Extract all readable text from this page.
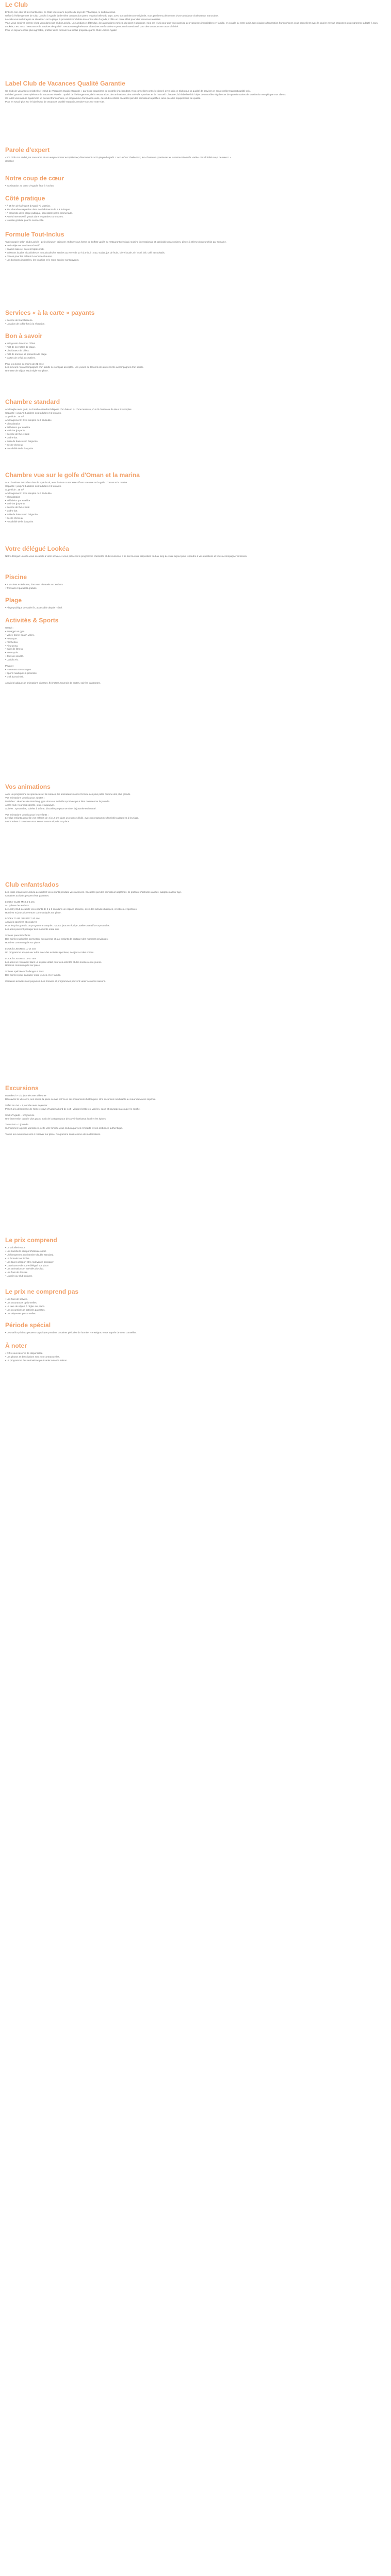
Le Club
Entre la mer azur et les monts Atlas, ce Club vous ouvre la porte du pays de l'Atlantique, le sud marocain.
Grâce à l'hébergement de Club Lookéa à Agadir, la dernière construction parmi les plus belles du pays, avec son architecture originale, vous profiterez pleinement d'une ambiance chaleureuse marocaine.
Le club vous séduira par sa situation : sur la plage, à proximité immédiate du centre-ville d'Agadir, il offre un cadre idéal pour des vacances réussies.
Vous vous sentirez comme chez vous dans nos Clubs Lookéa. Une ambiance détendue, des animations variées, du sport et du repos : tout est réuni pour que vous passiez des vacances inoubliables en famille, en couple ou entre amis. Nos équipes d'animation francophones vous accueillent avec le sourire et vous proposent un programme adapté à tous.
Lookéa, c'est aussi l'assurance de services de qualité : restauration généreuse, chambres confortables et personnel attentionné pour des vacances en toute sérénité.
Pour un séjour encore plus agréable, profitez de la formule tout inclus proposée par le Club Lookéa Agadir.
Label Club de Vacances Qualité Garantie
Ce Club de vacances est labellisé « Club de Vacances Qualité Garantie » par notre organisme de contrôle indépendant. Nos conseillers ont sélectionné avec soin ce Club pour sa qualité de services et son excellent rapport qualité-prix.
Le label garantit une expérience de vacances réussie : qualité de l'hébergement, de la restauration, des animations, des activités sportives et de l'accueil. Chaque Club labellisé fait l'objet de contrôles réguliers et de questionnaires de satisfaction remplis par nos clients.
Ce label vous assure également un accueil francophone, un programme d'animation varié, des clubs enfants encadrés par des animateurs qualifiés, ainsi que des équipements de qualité.
Pour en savoir plus sur le label Club de Vacances Qualité Garantie, rendez-vous sur notre site.
Parole d'expert
« Ce Club m'a séduit par son cadre et son emplacement exceptionnel, directement sur la plage d'Agadir. L'accueil est chaleureux, les chambres spacieuses et la restauration très variée. Un véritable coup de cœur ! »
Caroline
Notre coup de cœur
• Sa situation au cœur d'Agadir, face à l'océan.
Côté pratique
• À 25 km de l'aéroport d'Agadir Al Massira.
• 254 chambres réparties dans des bâtiments de 1 à 3 étages.
• À proximité de la plage publique, accessible par la promenade.
• Accès internet Wifi gratuit dans les parties communes.
• Navette gratuite pour le centre-ville.
Formule Tout-Inclus
Table rangée selon Club Lookéa : petit-déjeuner, déjeuner et dîner sous forme de buffets variés au restaurant principal. Cuisine internationale et spécialités marocaines, dîners à thème plusieurs fois par semaine.
• Petit-déjeuner continental tardif.
• Snacks salés et sucrés l'après-midi.
• Boissons locales alcoolisées et non alcoolisées servies au verre de 10 h à minuit : eau, sodas, jus de fruits, bière locale, vin local, thé, café et cocktails.
• Glaces pour les enfants à certaines heures.
• Les boissons importées, les vins fins et le room service sont payants.
Services « à la carte » payants
• Service de blanchisserie.
• Location de coffre-fort à la réception.
Bon à savoir
• Wifi gratuit dans tout l'hôtel.
• Prêt de serviettes de plage.
• Distributeur de billets.
• Prêt de transats et parasols à la plage.
• Cartes de crédit acceptées.
Pour les clients de moins de 21 ans :
Les mineurs non accompagnés d'un adulte ne sont pas acceptés. Les jeunes de 18 à 21 ans doivent être accompagnés d'un adulte.
Une taxe de séjour est à régler sur place.
Chambre standard
Aménagée avec goût, la chambre standard dispose d'un balcon ou d'une terrasse, d'un lit double ou de deux lits simples.
Capacité : jusqu'à 3 adultes ou 2 adultes et 2 enfants.
Superficie : 25 m²
Aménagement : 2 lits simples ou 1 lit double
• Climatisation
• Télévision par satellite
• Mini-bar (payant)
• Service de thé et café
• Coffre-fort
• Salle de bains avec baignoire
• Sèche-cheveux
• Possibilité de lit d'appoint
Chambre vue sur le golfe d'Oman et la marina
Aux chambres décorées dans le style local, avec balcon ou terrasse offrant une vue sur le golfe d'Oman et la marina.
Capacité : jusqu'à 3 adultes ou 2 adultes et 2 enfants.
Superficie : 25 m²
Aménagement : 2 lits simples ou 1 lit double
• Climatisation
• Télévision par satellite
• Mini-bar (payant)
• Service de thé et café
• Coffre-fort
• Salle de bains avec baignoire
• Sèche-cheveux
• Possibilité de lit d'appoint
Votre délégué Lookéa
Notre délégué Lookéa vous accueille à votre arrivée et vous présente le programme d'activités et d'excursions. Il se tient à votre disposition tout au long de votre séjour pour répondre à vos questions et vous accompagner si besoin.
Piscine
• 2 piscines extérieures, dont une réservée aux enfants.
• Transats et parasols gratuits.
Plage
• Plage publique de sable fin, accessible depuis l'hôtel.
Activités & Sports
Gratuit :
• Aquagym et gym.
• Volley-ball et beach-volley.
• Pétanque.
• Fléchettes.
• Ping-pong.
• Salle de fitness.
• Water-polo.
• Jeux de société.
• Lookéa Fit.
Payant :
• Hammam et massages.
• Sports nautiques à proximité.
• Golf à proximité.
Activités ludiques et animations diverses, fléchettes, tournois de cartes, soirées dansantes.
Vos animations
Avec un programme de spectacles et de soirées, les animateurs sont à l'écoute des plus petits comme des plus grands.
Vos animations Lookéa pour adultes :
Matinées : séances de stretching, gym douce et activités sportives pour bien commencer la journée.
Après-midi : tournois sportifs, jeux et aquagym.
Soirées : spectacles, soirées à thème, discothèque pour terminer la journée en beauté.
Vos animations Lookéa pour les enfants :
Le Club enfants accueille vos enfants de 4 à 12 ans dans un espace dédié, avec un programme d'activités adaptées à leur âge.
Les horaires d'ouverture vous seront communiqués sur place.
Club enfants/ados
Les clubs enfants de Lookéa accueillent vos enfants pendant vos vacances. Encadrés par des animateurs diplômés, ils profitent d'activités variées, adaptées à leur âge.
Certaines activités peuvent être payantes.
LOOKY CLUB MINI 4-6 ans
Au rythme des enfants
Le Looky Club accueille vos enfants de 4 à 6 ans dans un espace sécurisé, avec des activités ludiques, créatives et sportives.
Horaires et jours d'ouverture communiqués sur place.
LOOKY CLUB JUNIOR 7-10 ans
Activités sportives et créatives
Pour les plus grands, un programme complet : sports, jeux en équipe, ateliers créatifs et spectacles.
Les ados peuvent partager des moments entre eux.
Soirées parents/enfants
Des soirées spéciales permettent aux parents et aux enfants de partager des moments privilégiés.
Horaires communiqués sur place.
LOOKÉA JEUNES 11-14 ans
Un programme adapté aux ados avec des activités sportives, des jeux et des sorties.
LOOKÉA JEUNES 15-17 ans
Les ados se retrouvent dans un espace dédié pour des activités et des soirées entre jeunes.
Horaires communiqués sur place.
Soirées spéciales Challenger & Jeux
Des soirées pour s'amuser entre jeunes et en famille.
Certaines activités sont payantes. Les horaires et programmes peuvent varier selon les saisons.
Excursions
Marrakech – 1/2 journée avec déjeuner
Découvrez la ville ocre, ses souks, la place Jemaa el-Fna et ses monuments historiques. Une excursion inoubliable au cœur du Maroc impérial.
Safari en 4x4 – 1 journée avec déjeuner
Partez à la découverte de l'arrière-pays d'Agadir à bord de 4x4 : villages berbères, vallées, oasis et paysages à couper le souffle.
Souk d'Agadir – 1/2 journée
Une immersion dans le plus grand souk de la région pour découvrir l'artisanat local et les épices.
Taroudant – 1 journée
Surnommée la petite Marrakech, cette ville fortifiée vous séduira par ses remparts et son ambiance authentique.
Toutes les excursions sont à réserver sur place. Programme sous réserve de modifications.
Le prix comprend
• Le vol aller/retour.
• Les transferts aéroport/hôtel/aéroport.
• L'hébergement en chambre double standard.
• La formule tout inclus.
• Les taxes aéroport et la redevance passager.
• L'assistance de notre délégué sur place.
• Les animations et activités du Club.
• Les frais de dossier.
• L'accès au Club enfants.
Le prix ne comprend pas
• Les frais de service.
• Les assurances optionnelles.
• La taxe de séjour, à régler sur place.
• Les excursions et activités payantes.
• Les dépenses personnelles.
Période spécial
• Des tarifs spéciaux peuvent s'appliquer pendant certaines périodes de l'année. Renseignez-vous auprès de votre conseiller.
À noter
• Offre sous réserve de disponibilité.
• Les photos et descriptions sont non contractuelles.
• Le programme des animations peut varier selon la saison.
